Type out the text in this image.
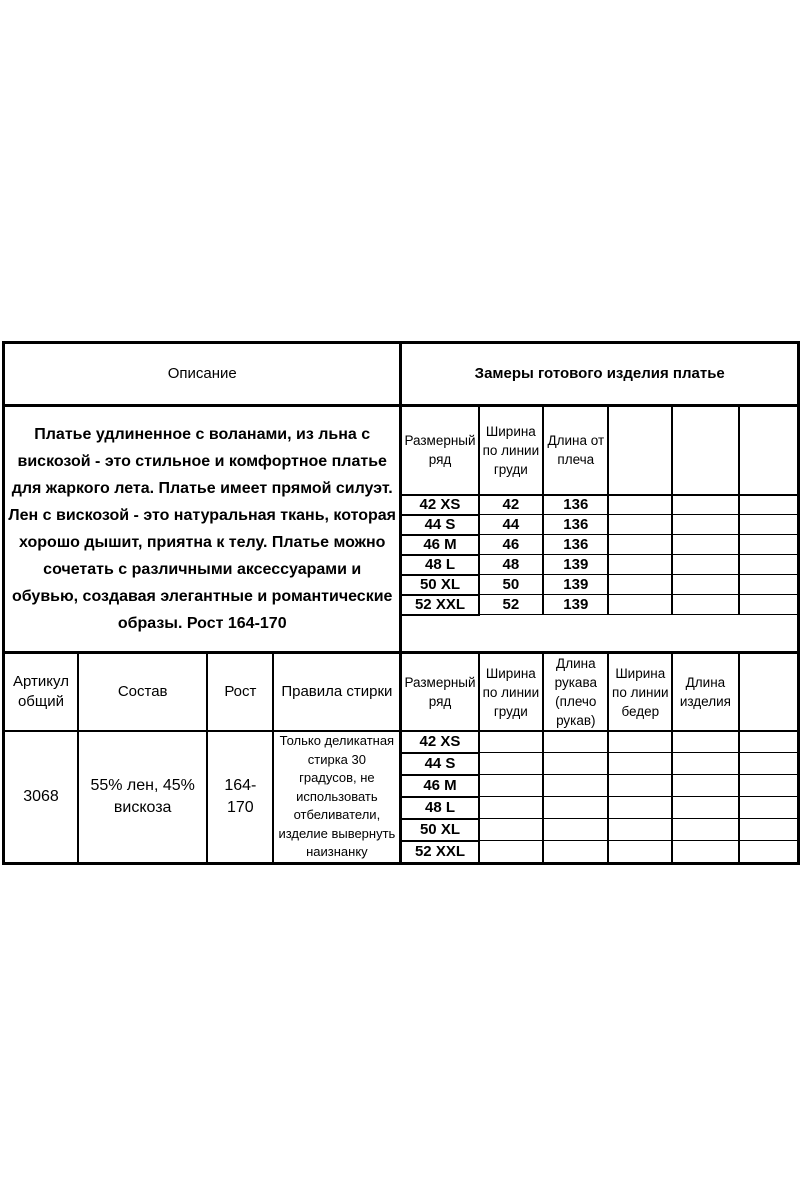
Описание				Замеры готового изделия платье					
Платье удлиненное с воланами, из льна с вискозой - это стильное и комфортное платье для жаркого лета. Платье имеет прямой силуэт. Лен с вискозой - это натуральная ткань, которая хорошо дышит, приятна к телу. Платье можно сочетать с различными аксессуарами и обувью, создавая элегантные и романтические образы. Рост 164-170				Размерный ряд	Ширина по линии груди	Длина от плеча			
				42 XS	42	136			
				44 S	44	136			
				46 M	46	136			
				48 L	48	139			
				50 XL	50	139			
				52 XXL	52	139			

Артикул общий	Состав	Рост	Правила стирки	Размерный ряд	Ширина по линии груди	Длина рукава (плечо рукав)	Ширина по линии бедер	Длина изделия	
3068	55% лен, 45% вискоза	164-170	Только деликатная стирка 30 градусов, не использовать отбеливатели, изделие вывернуть наизнанку	42 XS					
				44 S					
				46 M					
				48 L					
				50 XL					
				52 XXL					
